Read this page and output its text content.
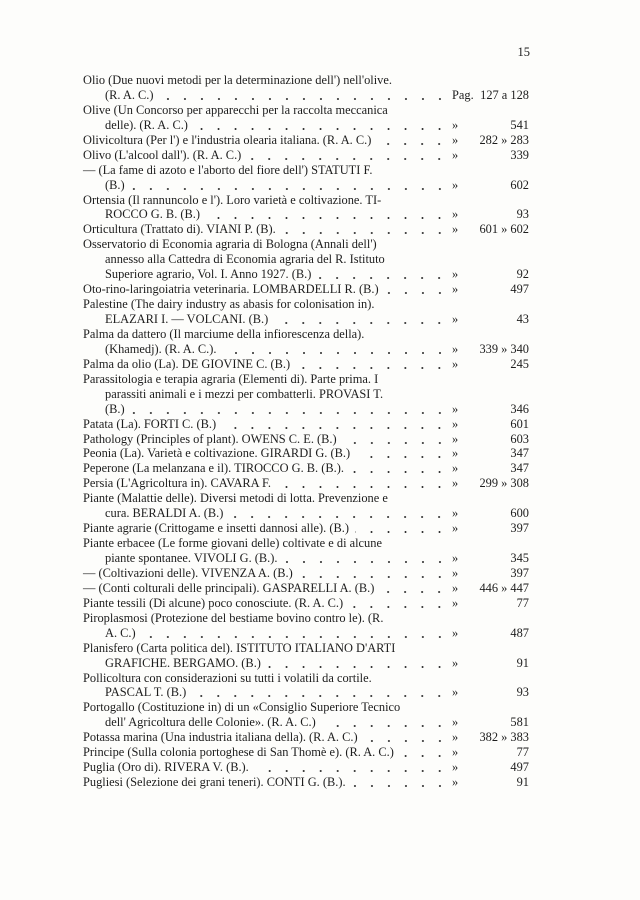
15
Olio (Due nuovi metodi per la determinazione dell') nell'olive.
(R. A. C.)	Pag. 127 a 128
Olive (Un Concorso per apparecchi per la raccolta meccanica
delle). (R. A. C.)	»	541
Olivicoltura (Per l') e l'industria olearia italiana. (R. A. C.)	»	282 » 283
Olivo (L'alcool dall'). (R. A. C.)	»	339
— (La fame di azoto e l'aborto del fiore dell') STATUTI F.
(B.)	»	602
Ortensia (Il rannuncolo e l'). Loro varietà e coltivazione. TI-
ROCCO G. B. (B.)	»	93
Orticultura (Trattato di). VIANI P. (B).	»	601 » 602
Osservatorio di Economia agraria di Bologna (Annali dell')
annesso alla Cattedra di Economia agraria del R. Istituto
Superiore agrario, Vol. I. Anno 1927. (B.)	»	92
Oto-rino-laringoiatria veterinaria. LOMBARDELLI R. (B.)	»	497
Palestine (The dairy industry as abasis for colonisation in).
ELAZARI I. — VOLCANI. (B.)	»	43
Palma da dattero (Il marciume della infiorescenza della).
(Khamedj). (R. A. C.).	»	339 » 340
Palma da olio (La). DE GIOVINE C. (B.)	»	245
Parassitologia e terapia agraria (Elementi di). Parte prima. I
parassiti animali e i mezzi per combatterli. PROVASI T.
(B.)	»	346
Patata (La). FORTI C. (B.)	»	601
Pathology (Principles of plant). OWENS C. E. (B.)	»	603
Peonia (La). Varietà e coltivazione. GIRARDI G. (B.)	»	347
Peperone (La melanzana e il). TIROCCO G. B. (B.).	»	347
Persia (L'Agricoltura in). CAVARA F.	»	299 » 308
Piante (Malattie delle). Diversi metodi di lotta. Prevenzione e
cura. BERALDI A. (B.)	»	600
Piante agrarie (Crittogame e insetti dannosi alle). (B.)	»	397
Piante erbacee (Le forme giovani delle) coltivate e di alcune
piante spontanee. VIVOLI G. (B.).	»	345
— (Coltivazioni delle). VIVENZA A. (B.)	»	397
— (Conti colturali delle principali). GASPARELLI A. (B.)	»	446 » 447
Piante tessili (Di alcune) poco conosciute. (R. A. C.)	»	77
Piroplasmosi (Protezione del bestiame bovino contro le). (R.
A. C.)	»	487
Planisfero (Carta politica del). ISTITUTO ITALIANO D'ARTI
GRAFICHE. BERGAMO. (B.)	»	91
Pollicoltura con considerazioni su tutti i volatili da cortile.
PASCAL T. (B.)	»	93
Portogallo (Costituzione in) di un «Consiglio Superiore Tecnico
dell' Agricoltura delle Colonie». (R. A. C.)	»	581
Potassa marina (Una industria italiana della). (R. A. C.)	»	382 » 383
Principe (Sulla colonia portoghese di San Thomè e). (R. A. C.)	»	77
Puglia (Oro di). RIVERA V. (B.).	»	497
Pugliesi (Selezione dei grani teneri). CONTI G. (B.).	»	91
